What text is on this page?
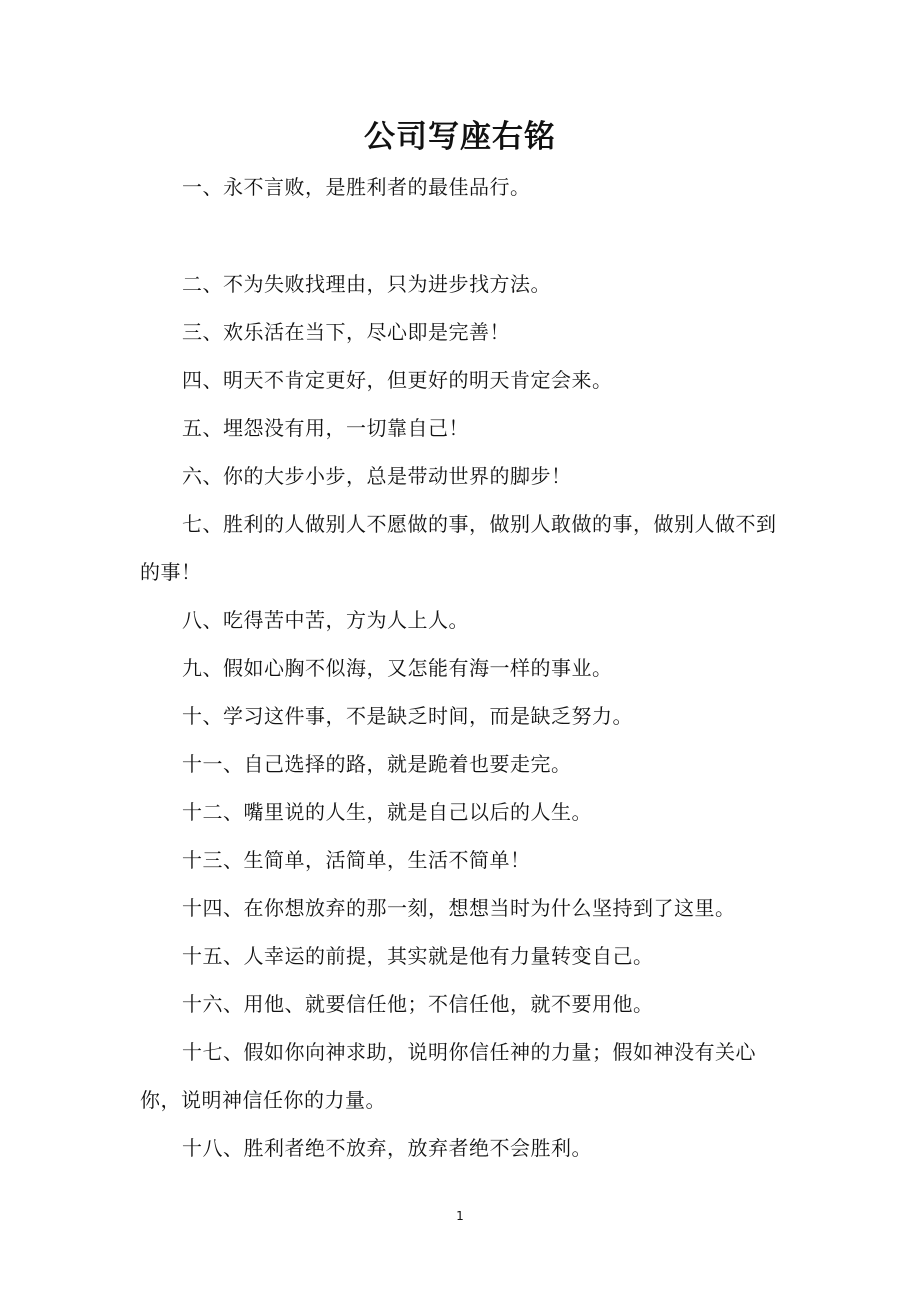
公司写座右铭

一、永不言败，是胜利者的最佳品行。

二、不为失败找理由，只为进步找方法。

三、欢乐活在当下，尽心即是完善！

四、明天不肯定更好，但更好的明天肯定会来。

五、埋怨没有用，一切靠自己！

六、你的大步小步，总是带动世界的脚步！

七、胜利的人做别人不愿做的事，做别人敢做的事，做别人做不到的事！

八、吃得苦中苦，方为人上人。

九、假如心胸不似海，又怎能有海一样的事业。

十、学习这件事，不是缺乏时间，而是缺乏努力。

十一、自己选择的路，就是跪着也要走完。

十二、嘴里说的人生，就是自己以后的人生。

十三、生简单，活简单，生活不简单！

十四、在你想放弃的那一刻，想想当时为什么坚持到了这里。

十五、人幸运的前提，其实就是他有力量转变自己。

十六、用他、就要信任他；不信任他，就不要用他。

十七、假如你向神求助，说明你信任神的力量；假如神没有关心你，说明神信任你的力量。

十八、胜利者绝不放弃，放弃者绝不会胜利。

1
